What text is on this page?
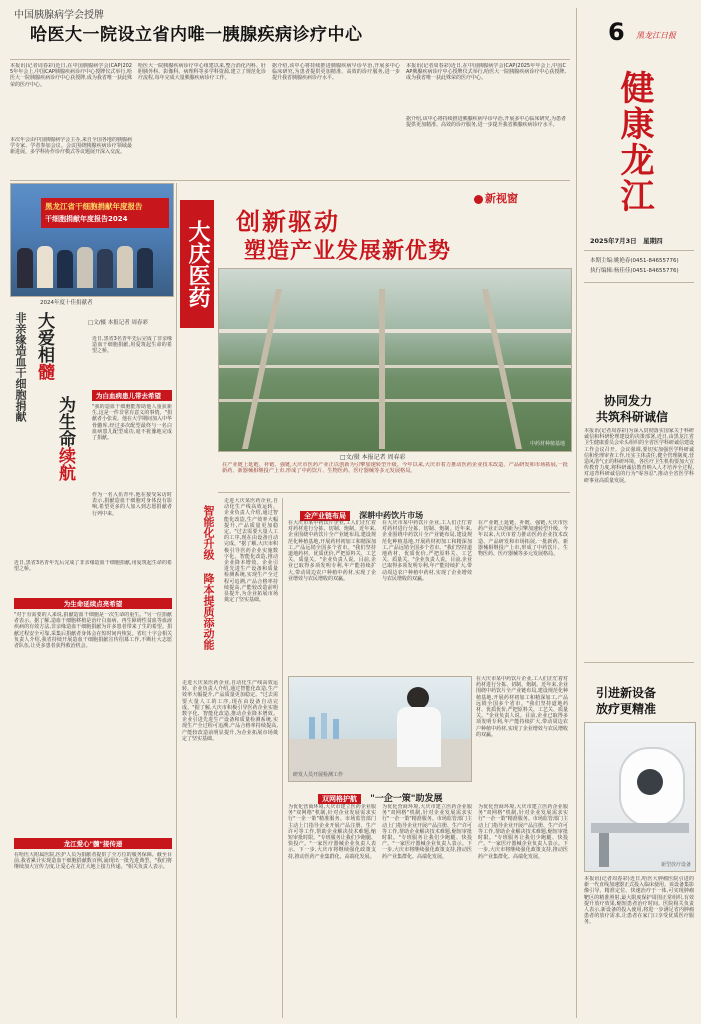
中国胰腺病学会授牌
哈医大一院设立省内唯一胰腺疾病诊疗中心
本报讯(记者周春彩)近日,在中国胰腺病学会(CAP)2025年年会上,中国CAP胰腺疾病诊疗中心授牌仪式举行,哈医大一院胰腺疾病诊疗中心获授牌,成为我省唯一获此殊荣的医疗中心。
本次年会由中国胰腺病学会主办,来自全国各地的胰腺病学专家、学者参加会议。会议围绕胰腺疾病诊疗领域最新进展、多学科协作诊疗模式等议题展开深入交流。
哈医大一院胰腺疾病诊疗中心组建以来,整合消化内科、肝胆胰外科、影像科、病理科等多学科资源,建立了规范化诊疗流程,每年完成大量胰腺疾病诊疗工作。
据介绍,该中心将持续推进胰腺疾病早诊早治,开展多中心临床研究,为患者提供更加精准、高效的诊疗服务,进一步提升我省胰腺疾病诊疗水平。
本报讯(记者周春彩)近日,在中国胰腺病学会(CAP)2025年年会上,中国CAP胰腺疾病诊疗中心授牌仪式举行,哈医大一院胰腺疾病诊疗中心获授牌,成为我省唯一获此殊荣的医疗中心。
据介绍,该中心将持续推进胰腺疾病早诊早治,开展多中心临床研究,为患者提供更加精准、高效的诊疗服务,进一步提升我省胰腺疾病诊疗水平。
6 黑龙江日报
健康龙江
2025年7月3日　星期四
本期主编:姚艳春(0451-84655776)
执行编辑:杨佳佳(0451-84655776)
黑龙江省干细胞捐献年度报告
干细胞捐献年度报告2024
2024年度十佳捐献者
非亲缘造血干细胞捐献 大爱相髓
为生命续航
□文/摄 本报记者 周春彩
近日,黑省3名青年先后完成了非亲缘造血干细胞捐献,用爱筑起生命的希望之桥。
为白血病患儿带去希望
"我的造血干细胞能帮助他人重获新生,这是一件非常有意义的事情。"捐献者小张说。他在大学期间加入中华骨髓库,经过多次配型最终与一名白血病患儿配型成功,毫不犹豫地完成了捐献。
作为一名入伍青年,他在接受采访时表示,捐献造血干细胞对身体没有影响,希望更多的人加入到志愿捐献者行列中来。
近日,黑省3名青年先后完成了非亲缘造血干细胞捐献,用爱筑起生命的希望之桥。
为生命延续点亮希望
"对于有需要的人来说,捐献造血干细胞是一次生命的重生。"另一位捐献者表示。据了解,造血干细胞移植是治疗白血病、再生障碍性贫血等血液疾病的有效方法,非亲缘造血干细胞捐献为许多患者带来了生的希望。捐献过程安全可靠,采集后捐献者身体会在短时间内恢复。省红十字会相关负责人介绍,我省持续开展造血干细胞捐献宣传招募工作,不断壮大志愿者队伍,让更多患者获得救治机会。
龙江爱心"髓"接传递
在哈医大附属医院,医护人员为捐献者提供了全方位的服务保障。截至目前,我省累计实现造血干细胞捐献数百例,涌现出一批先进典型。"我们将继续加大宣传力度,让爱心在龙江大地上接力传递。"相关负责人表示。
大庆医药
新视窗
创新驱动
塑造产业发展新优势
中药材种植基地
□文/摄 本报记者 周春彩
在产业链上延链、补链、强链,大庆市医药产业正以创新为引擎加速转型升级。今年以来,大庆市着力推动医药企业技术改造、产品研发和市场拓展,一批新药、新器械相继投产上市,形成了中药饮片、生物医药、医疗器械等多元发展格局。
智能化升级 降本提质添动能
走进大庆某医药企业,自动化生产线高效运转。企业负责人介绍,通过智能化改造,生产效率大幅提升,产品质量更加稳定。"过去需要大量人工的工序,现在由设备自动完成。"据了解,大庆市积极引导医药企业实施数字化、智能化改造,推动企业降本增效。企业引进先进生产设备和质量检测系统,实现生产全过程可追溯,产品合格率持续提高,产能较改造前明显提升,为企业拓展市场奠定了坚实基础。
走进大庆某医药企业,自动化生产线高效运转。企业负责人介绍,通过智能化改造,生产效率大幅提升,产品质量更加稳定。"过去需要大量人工的工序,现在由设备自动完成。"据了解,大庆市积极引导医药企业实施数字化、智能化改造,推动企业降本增效。企业引进先进生产设备和质量检测系统,实现生产全过程可追溯,产品合格率持续提高,产能较改造前明显提升,为企业拓展市场奠定了坚实基础。
全产业链布局 深耕中药饮片市场
在大庆市某中药饮片企业,工人们正忙着对药材进行分拣、切制、炮制。近年来,企业围绕中药饮片全产业链布局,建设规范化种植基地,开展药材初加工和精深加工,产品远销全国多个省市。"我们坚持道地药材、优质优价,严把原料关、工艺关、质量关。"企业负责人说。目前,企业已取得多项发明专利,年产能持续扩大,带动周边农户种植中药材,实现了企业增效与农民增收的双赢。
在大庆市某中药饮片企业,工人们正忙着对药材进行分拣、切制、炮制。近年来,企业围绕中药饮片全产业链布局,建设规范化种植基地,开展药材初加工和精深加工,产品远销全国多个省市。"我们坚持道地药材、优质优价,严把原料关、工艺关、质量关。"企业负责人说。目前,企业已取得多项发明专利,年产能持续扩大,带动周边农户种植中药材,实现了企业增效与农民增收的双赢。
在产业链上延链、补链、强链,大庆市医药产业正以创新为引擎加速转型升级。今年以来,大庆市着力推动医药企业技术改造、产品研发和市场拓展,一批新药、新器械相继投产上市,形成了中药饮片、生物医药、医疗器械等多元发展格局。
研发人员开展检测工作
在大庆市某中药饮片企业,工人们正忙着对药材进行分拣、切制、炮制。近年来,企业围绕中药饮片全产业链布局,建设规范化种植基地,开展药材初加工和精深加工,产品远销全国多个省市。"我们坚持道地药材、优质优价,严把原料关、工艺关、质量关。"企业负责人说。目前,企业已取得多项发明专利,年产能持续扩大,带动周边农户种植中药材,实现了企业增效与农民增收的双赢。
双网格护航 "一企一策"助发展
为优化营商环境,大庆市建立医药企业服务"双网格"机制,针对企业发展需求实行"一企一策"精准服务。市场监管部门主动上门指导企业开展产品注册、生产许可等工作,帮助企业解决技术难题,缩短审批时限。"专班服务让我们少跑腿、快投产。"一家医疗器械企业负责人表示。下一步,大庆市将继续强化政策支持,推动医药产业集群化、高端化发展。
为优化营商环境,大庆市建立医药企业服务"双网格"机制,针对企业发展需求实行"一企一策"精准服务。市场监管部门主动上门指导企业开展产品注册、生产许可等工作,帮助企业解决技术难题,缩短审批时限。"专班服务让我们少跑腿、快投产。"一家医疗器械企业负责人表示。下一步,大庆市将继续强化政策支持,推动医药产业集群化、高端化发展。
为优化营商环境,大庆市建立医药企业服务"双网格"机制,针对企业发展需求实行"一企一策"精准服务。市场监管部门主动上门指导企业开展产品注册、生产许可等工作,帮助企业解决技术难题,缩短审批时限。"专班服务让我们少跑腿、快投产。"一家医疗器械企业负责人表示。下一步,大庆市将继续强化政策支持,推动医药产业集群化、高端化发展。
协同发力
共筑科研诚信
本报讯(记者周春彩)为深入贯彻落实国家关于科研诚信和科研伦理建设的决策部署,近日,由黑龙江省卫生健康委员会牵头组织的全省医学科研诚信建设工作会议召开。会议强调,要切实加强医学科研诚信和伦理审查工作,压实主体责任,健全管理制度,营造风清气正的科研环境。各医疗卫生机构要加大宣传教育力度,将科研诚信教育纳入人才培养全过程,对违背科研诚信的行为"零容忍",推动全省医学科研事业高质量发展。
引进新设备
放疗更精准
新型放疗设备
本报讯(记者周春彩)近日,哈医大肿瘤医院引进的新一代直线加速器正式投入临床使用。该设备集影像引导、精准定位、快速治疗于一体,可实现肿瘤靶区的精准照射,最大限度保护周围正常组织,有效提升放疗效果,缩短患者治疗时间。医院相关负责人表示,新设备的投入使用,将进一步满足省内肿瘤患者的放疗需求,让患者在家门口享受优质医疗服务。
